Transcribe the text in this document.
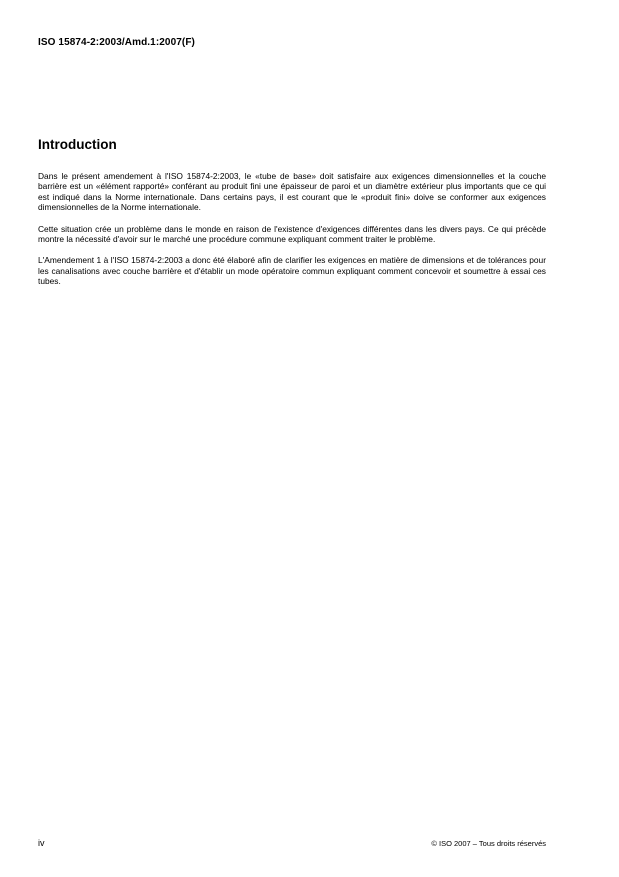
ISO 15874-2:2003/Amd.1:2007(F)
Introduction

Dans le présent amendement à l'ISO 15874-2:2003, le «tube de base» doit satisfaire aux exigences dimensionnelles et la couche barrière est un «élément rapporté» conférant au produit fini une épaisseur de paroi et un diamètre extérieur plus importants que ce qui est indiqué dans la Norme internationale. Dans certains pays, il est courant que le «produit fini» doive se conformer aux exigences dimensionnelles de la Norme internationale.

Cette situation crée un problème dans le monde en raison de l'existence d'exigences différentes dans les divers pays. Ce qui précède montre la nécessité d'avoir sur le marché une procédure commune expliquant comment traiter le problème.

L'Amendement 1 à l'ISO 15874-2:2003 a donc été élaboré afin de clarifier les exigences en matière de dimensions et de tolérances pour les canalisations avec couche barrière et d'établir un mode opératoire commun expliquant comment concevoir et soumettre à essai ces tubes.

iv	© ISO 2007 – Tous droits réservés
